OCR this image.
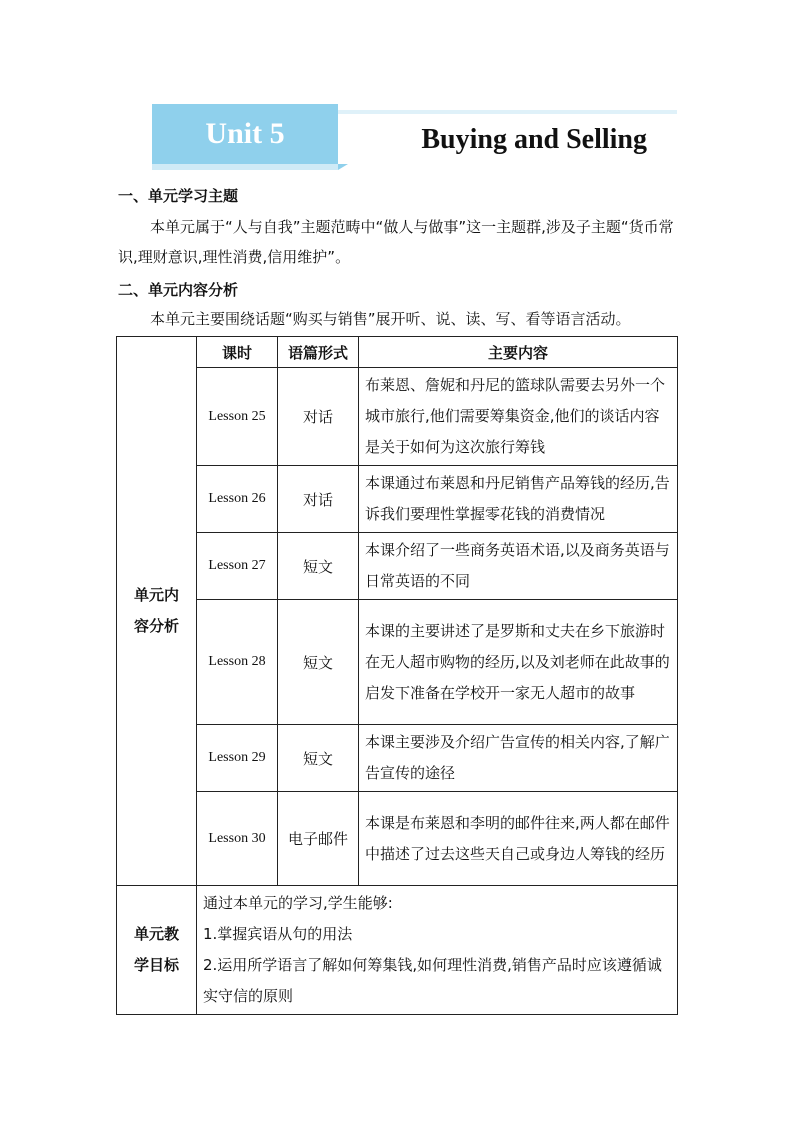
Unit 5	Buying and Selling
一、单元学习主题
本单元属于“人与自我”主题范畴中“做人与做事”这一主题群,涉及子主题“货币常识,理财意识,理性消费,信用维护”。
二、单元内容分析
本单元主要围绕话题“购买与销售”展开听、说、读、写、看等语言活动。
单元内容分析	课时	语篇形式	主要内容
	Lesson 25	对话	布莱恩、詹妮和丹尼的篮球队需要去另外一个城市旅行,他们需要筹集资金,他们的谈话内容是关于如何为这次旅行筹钱
	Lesson 26	对话	本课通过布莱恩和丹尼销售产品筹钱的经历,告诉我们要理性掌握零花钱的消费情况
	Lesson 27	短文	本课介绍了一些商务英语术语,以及商务英语与日常英语的不同
	Lesson 28	短文	本课的主要讲述了是罗斯和丈夫在乡下旅游时在无人超市购物的经历,以及刘老师在此故事的启发下准备在学校开一家无人超市的故事
	Lesson 29	短文	本课主要涉及介绍广告宣传的相关内容,了解广告宣传的途径
	Lesson 30	电子邮件	本课是布莱恩和李明的邮件往来,两人都在邮件中描述了过去这些天自己或身边人筹钱的经历

单元教学目标	通过本单元的学习,学生能够:
1.掌握宾语从句的用法
2.运用所学语言了解如何筹集钱,如何理性消费,销售产品时应该遵循诚实守信的原则		
